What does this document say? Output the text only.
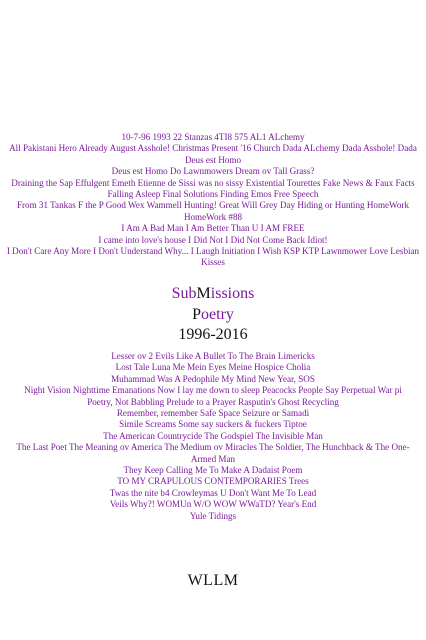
10-7-96 1993 22 Stanzas 4TI8 575 AL1 ALchemy
All Pakistani Hero Already August Asshole! Christmas Present '16 Church Dada ALchemy Dada Asshole! Dada Deus est Homo
Deus est Homo Do Lawnmowers Dream ov Tall Grass?
Draining the Sap Effulgent Emeth Etienne de Sissi was no sissy Existential Tourettes Fake News & Faux Facts
Falling Asleep Final Solutions Finding Emos Free Speech
From 31 Tankas F the P Good Wex Wammell Hunting! Great Will Grey Day Hiding or Hunting HomeWork HomeWork #88
I Am A Bad Man I Am Better Than U I AM FREE
I came into love's house I Did Not I Did Not Come Back Idiot!
I Don't Care Any More I Don't Understand Why... I Laugh Initiation I Wish KSP KTP Lawnmower Love Lesbian Kisses
SubMissions
Poetry
1996-2016
Lesser ov 2 Evils Like A Bullet To The Brain Limericks
Lost Tale Luna Me Mein Eyes Meine Hospice Cholia
Muhammad Was A Pedophile My Mind New Year, SOS
Night Vision Nighttime Emanations Now I lay me down to sleep Peacocks People Say Perpetual War pi
Poetry, Not Babbling Prelude to a Prayer Rasputin's Ghost Recycling
Remember, remember Safe Space Seizure or Samadi
Simile Screams Some say suckers & fuckers Tiptoe
The American Countrycide The Godspiel The Invisible Man
The Last Poet The Meaning ov America The Medium ov Miracles The Soldier, The Hunchback & The One-Armed Man
They Keep Calling Me To Make A Dadaist Poem
TO MY CRAPULOUS CONTEMPORARIES Trees
Twas the nite b4 Crowleymas U Don't Want Me To Lead
Veils Why?! WOMUn W/O WOW WWaTD? Year's End
Yule Tidings
WLLM
